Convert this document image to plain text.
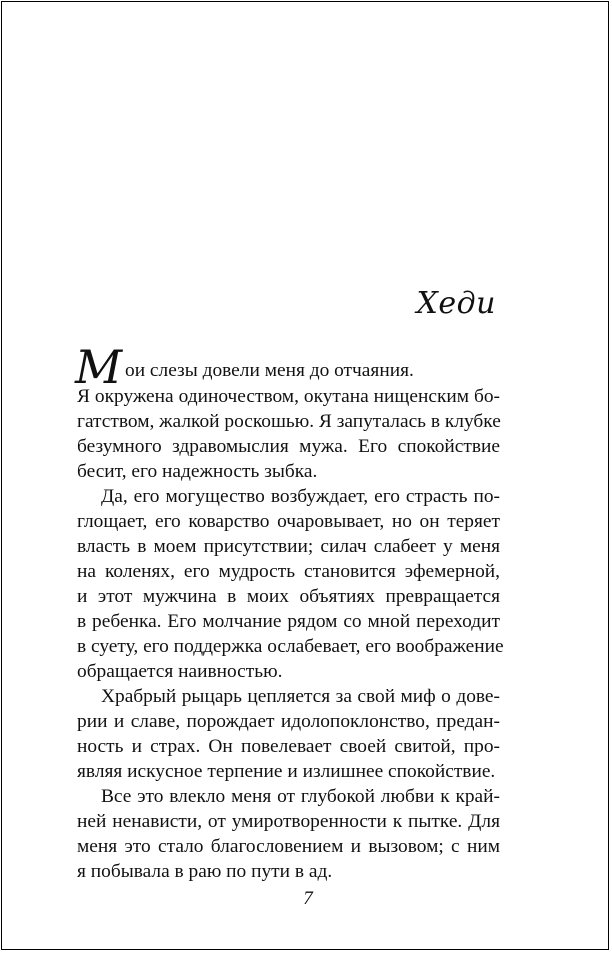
Хеди
М ои слезы довели меня до отчаяния.

Я окружена одиночеством, окутана нищенским бо-

гатством, жалкой роскошью. Я запуталась в клубке

безумного здравомыслия мужа. Его спокойствие

бесит, его надежность зыбка.

Да, его могущество возбуждает, его страсть по-

глощает, его коварство очаровывает, но он теряет

власть в моем присутствии; силач слабеет у меня

на коленях, его мудрость становится эфемерной,

и этот мужчина в моих объятиях превращается

в ребенка. Его молчание рядом со мной переходит

в суету, его поддержка ослабевает, его воображение

обращается наивностью.

Храбрый рыцарь цепляется за свой миф о дове-

рии и славе, порождает идолопоклонство, предан-

ность и страх. Он повелевает своей свитой, про-

являя искусное терпение и излишнее спокойствие.

Все это влекло меня от глубокой любви к край-

ней ненависти, от умиротворенности к пытке. Для

меня это стало благословением и вызовом; с ним

я побывала в раю по пути в ад.

7
